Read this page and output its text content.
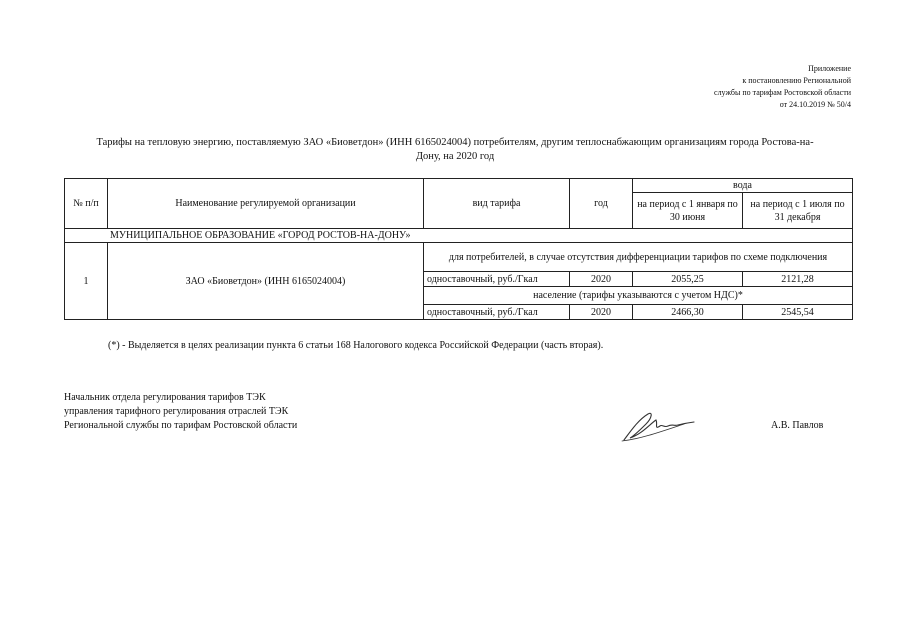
Приложение
к постановлению Региональной
службы по тарифам Ростовской области
от 24.10.2019 № 50/4
Тарифы на тепловую энергию, поставляемую ЗАО «Биоветдон» (ИНН 6165024004) потребителям, другим теплоснабжающим организациям города Ростова-на-
Дону, на 2020 год
№ п/п	Наименование регулируемой организации	вид тарифа	год	вода	
				на период с 1 января по 30 июня	на период с 1 июля по 31 декабря
МУНИЦИПАЛЬНОЕ ОБРАЗОВАНИЕ «ГОРОД РОСТОВ-НА-ДОНУ»					
1	ЗАО «Биоветдон» (ИНН 6165024004)	для потребителей, в случае отсутствия дифференциации тарифов по схеме подключения			
		одноставочный, руб./Гкал	2020	2055,25	2121,28
		население (тарифы указываются с учетом НДС)*			
		одноставочный, руб./Гкал	2020	2466,30	2545,54
(*) - Выделяется в целях реализации пункта 6 статьи 168 Налогового кодекса Российской Федерации (часть вторая).
Начальник отдела регулирования тарифов ТЭК
управления тарифного регулирования отраслей ТЭК
Региональной службы по тарифам Ростовской области	А.В. Павлов
